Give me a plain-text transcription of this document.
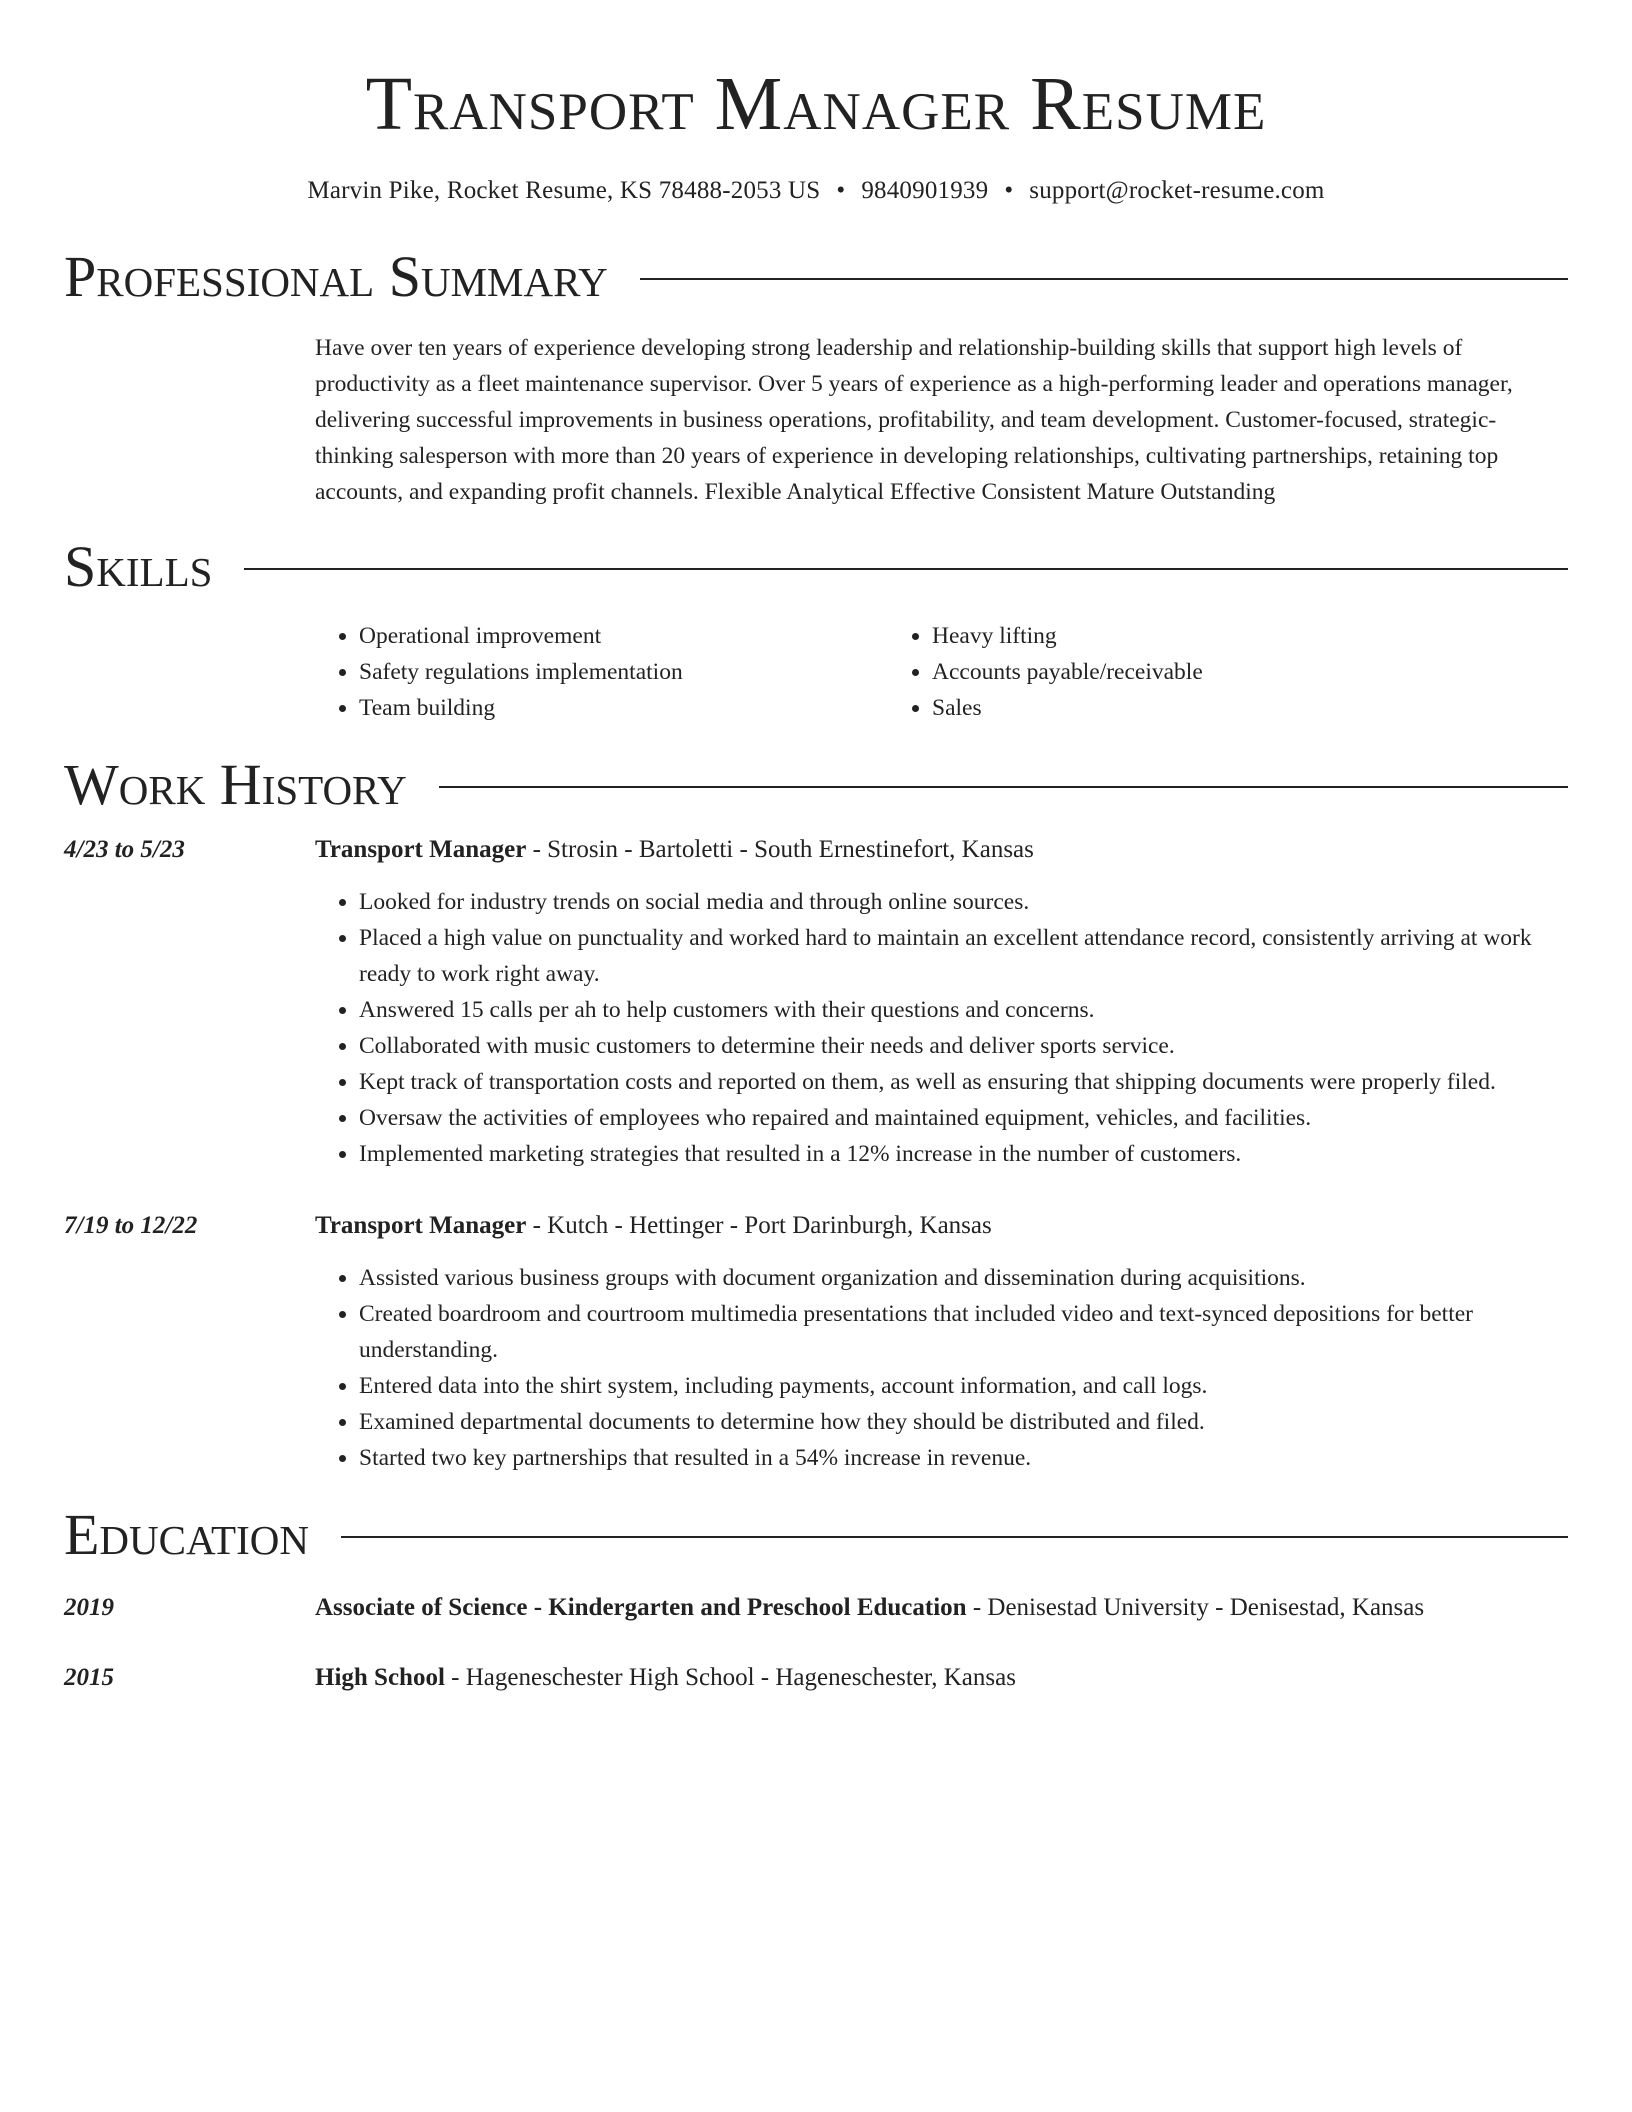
Transport Manager Resume
Marvin Pike, Rocket Resume, KS 78488-2053 US • 9840901939 • support@rocket-resume.com
Professional Summary
Have over ten years of experience developing strong leadership and relationship-building skills that support high levels of productivity as a fleet maintenance supervisor. Over 5 years of experience as a high-performing leader and operations manager, delivering successful improvements in business operations, profitability, and team development. Customer-focused, strategic-thinking salesperson with more than 20 years of experience in developing relationships, cultivating partnerships, retaining top accounts, and expanding profit channels. Flexible Analytical Effective Consistent Mature Outstanding
Skills
• Operational improvement
• Safety regulations implementation
• Team building
• Heavy lifting
• Accounts payable/receivable
• Sales
Work History
4/23 to 5/23	Transport Manager - Strosin - Bartoletti - South Ernestinefort, Kansas
• Looked for industry trends on social media and through online sources.
• Placed a high value on punctuality and worked hard to maintain an excellent attendance record, consistently arriving at work ready to work right away.
• Answered 15 calls per ah to help customers with their questions and concerns.
• Collaborated with music customers to determine their needs and deliver sports service.
• Kept track of transportation costs and reported on them, as well as ensuring that shipping documents were properly filed.
• Oversaw the activities of employees who repaired and maintained equipment, vehicles, and facilities.
• Implemented marketing strategies that resulted in a 12% increase in the number of customers.
7/19 to 12/22	Transport Manager - Kutch - Hettinger - Port Darinburgh, Kansas
• Assisted various business groups with document organization and dissemination during acquisitions.
• Created boardroom and courtroom multimedia presentations that included video and text-synced depositions for better understanding.
• Entered data into the shirt system, including payments, account information, and call logs.
• Examined departmental documents to determine how they should be distributed and filed.
• Started two key partnerships that resulted in a 54% increase in revenue.
Education
2019	Associate of Science - Kindergarten and Preschool Education - Denisestad University - Denisestad, Kansas
2015	High School - Hageneschester High School - Hageneschester, Kansas
